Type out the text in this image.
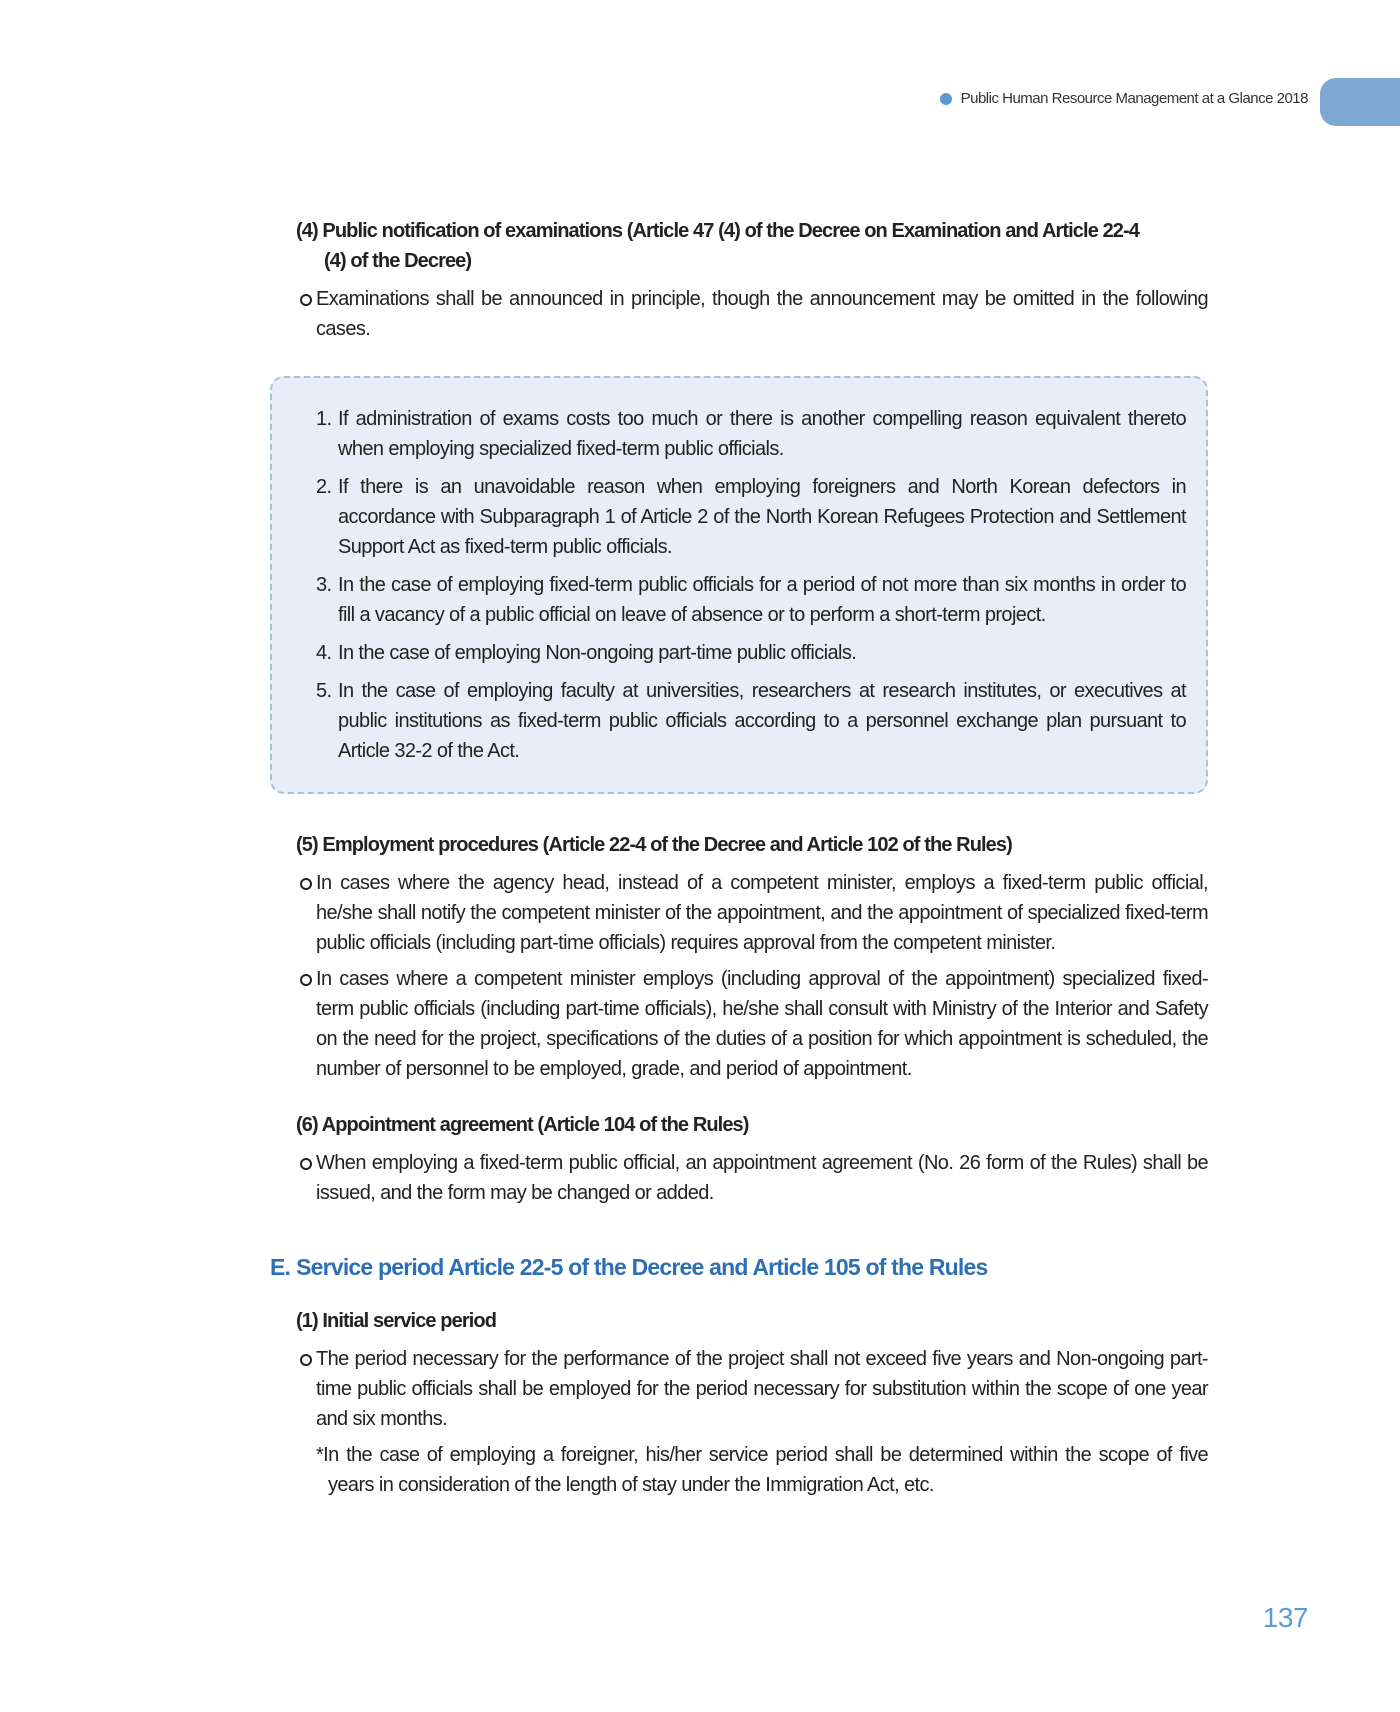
Public Human Resource Management at a Glance 2018
(4) Public notification of examinations (Article 47 (4) of the Decree on Examination and Article 22-4
(4) of the Decree)
Examinations shall be announced in principle, though the announcement may be omitted in the following cases.
1. If administration of exams costs too much or there is another compelling reason equivalent thereto when employing specialized fixed-term public officials.
2. If there is an unavoidable reason when employing foreigners and North Korean defectors in accordance with Subparagraph 1 of Article 2 of the North Korean Refugees Protection and Settlement Support Act as fixed-term public officials.
3. In the case of employing fixed-term public officials for a period of not more than six months in order to fill a vacancy of a public official on leave of absence or to perform a short-term project.
4. In the case of employing Non-ongoing part-time public officials.
5. In the case of employing faculty at universities, researchers at research institutes, or executives at public institutions as fixed-term public officials according to a personnel exchange plan pursuant to Article 32-2 of the Act.
(5) Employment procedures (Article 22-4 of the Decree and Article 102 of the Rules)
In cases where the agency head, instead of a competent minister, employs a fixed-term public official, he/she shall notify the competent minister of the appointment, and the appointment of specialized fixed-term public officials (including part-time officials) requires approval from the competent minister.
In cases where a competent minister employs (including approval of the appointment) specialized fixed-term public officials (including part-time officials), he/she shall consult with Ministry of the Interior and Safety on the need for the project, specifications of the duties of a position for which appointment is scheduled, the number of personnel to be employed, grade, and period of appointment.
(6) Appointment agreement (Article 104 of the Rules)
When employing a fixed-term public official, an appointment agreement (No. 26 form of the Rules) shall be issued, and the form may be changed or added.
E. Service period Article 22-5 of the Decree and Article 105 of the Rules
(1) Initial service period
The period necessary for the performance of the project shall not exceed five years and Non-ongoing part-time public officials shall be employed for the period necessary for substitution within the scope of one year and six months.
*In the case of employing a foreigner, his/her service period shall be determined within the scope of five years in consideration of the length of stay under the Immigration Act, etc.
137
